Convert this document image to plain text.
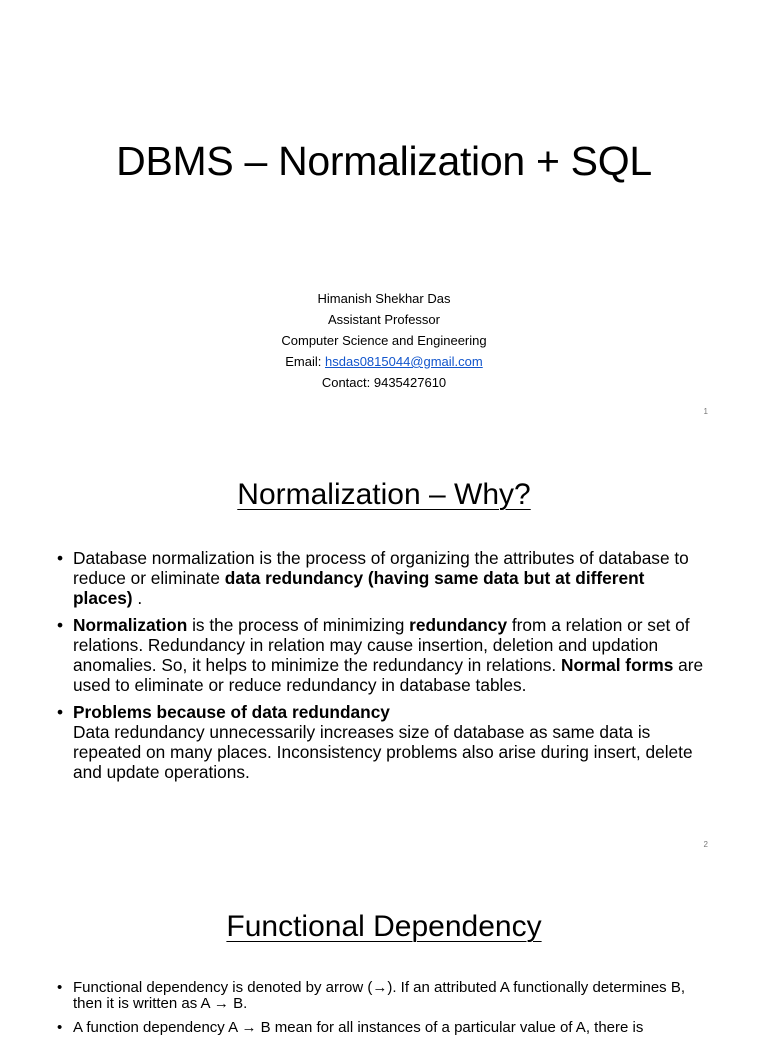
DBMS – Normalization + SQL
Himanish Shekhar Das
Assistant Professor
Computer Science and Engineering
Email: hsdas0815044@gmail.com
Contact: 9435427610
1
Normalization – Why?
• Database normalization is the process of organizing the attributes of database to reduce or eliminate data redundancy (having same data but at different places) .
• Normalization is the process of minimizing redundancy from a relation or set of relations. Redundancy in relation may cause insertion, deletion and updation anomalies. So, it helps to minimize the redundancy in relations. Normal forms are used to eliminate or reduce redundancy in database tables.
• Problems because of data redundancy
Data redundancy unnecessarily increases size of database as same data is repeated on many places. Inconsistency problems also arise during insert, delete and update operations.
2
Functional Dependency
• Functional dependency is denoted by arrow (→). If an attributed A functionally determines B, then it is written as A → B.
• A function dependency A → B mean for all instances of a particular value of A, there is
